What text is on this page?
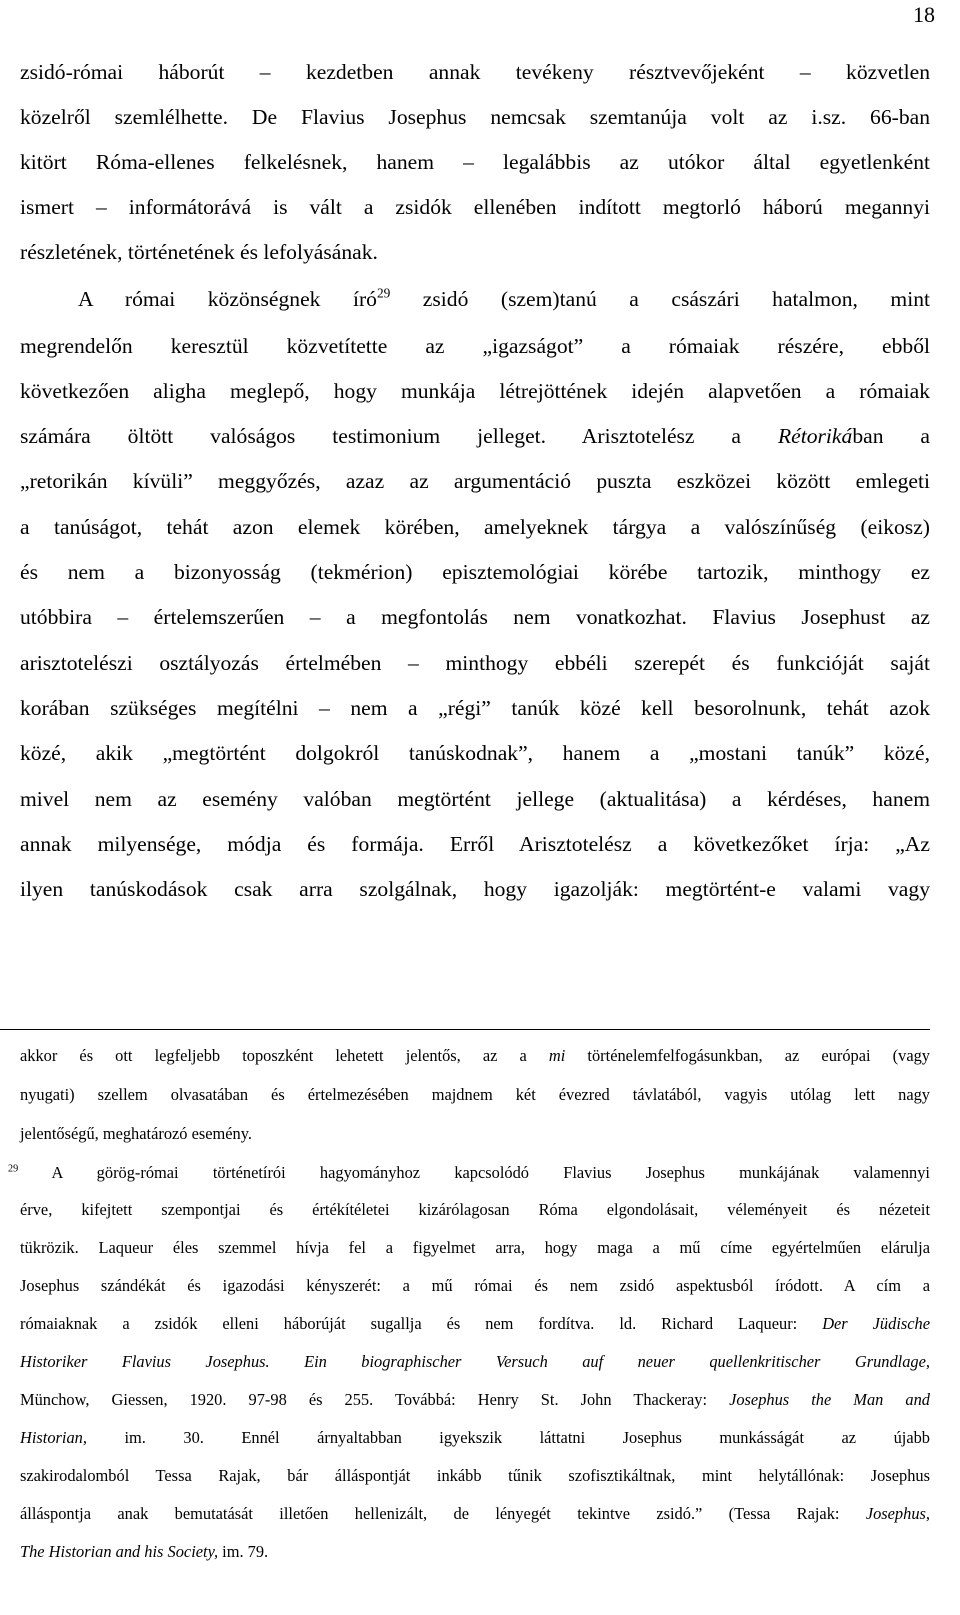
18
zsidó-római háborút – kezdetben annak tevékeny résztvevőjeként – közvetlen
közelről szemlélhette. De Flavius Josephus nemcsak szemtanúja volt az i.sz. 66-ban
kitört Róma-ellenes felkelésnek, hanem – legalábbis az utókor által egyetlenként
ismert – informátorává is vált a zsidók ellenében indított megtorló háború megannyi
részletének, történetének és lefolyásának.
A római közönségnek író$^{29}$ zsidó (szem)tanú a császári hatalmon, mint
megrendelőn keresztül közvetítette az „igazságot” a rómaiak részére, ebből
következően aligha meglepő, hogy munkája létrejöttének idején alapvetően a rómaiak
számára öltött valóságos testimonium jelleget. Arisztotelész a Rétorikában a
„retorikán kívüli” meggyőzés, azaz az argumentáció puszta eszközei között emlegeti
a tanúságot, tehát azon elemek körében, amelyeknek tárgya a valószínűség (eikosz)
és nem a bizonyosság (tekmérion) episztemológiai körébe tartozik, minthogy ez
utóbbira – értelemszerűen – a megfontolás nem vonatkozhat. Flavius Josephust az
arisztotelészi osztályozás értelmében – minthogy ebbéli szerepét és funkcióját saját
korában szükséges megítélni – nem a „régi” tanúk közé kell besorolnunk, tehát azok
közé, akik „megtörtént dolgokról tanúskodnak”, hanem a „mostani tanúk” közé,
mivel nem az esemény valóban megtörtént jellege (aktualitása) a kérdéses, hanem
annak milyensége, módja és formája. Erről Arisztotelész a következőket írja: „Az
ilyen tanúskodások csak arra szolgálnak, hogy igazolják: megtörtént-e valami vagy
akkor és ott legfeljebb toposzként lehetett jelentős, az a mi történelemfelfogásunkban, az európai (vagy
nyugati) szellem olvasatában és értelmezésében majdnem két évezred távlatából, vagyis utólag lett nagy
jelentőségű, meghatározó esemény.
$^{29}$ A görög-római történetírói hagyományhoz kapcsolódó Flavius Josephus munkájának valamennyi
érve, kifejtett szempontjai és értékítéletei kizárólagosan Róma elgondolásait, véleményeit és nézeteit
tükrözik. Laqueur éles szemmel hívja fel a figyelmet arra, hogy maga a mű címe egyértelműen elárulja
Josephus szándékát és igazodási kényszerét: a mű római és nem zsidó aspektusból íródott. A cím a
rómaiaknak a zsidók elleni háborúját sugallja és nem fordítva. ld. Richard Laqueur: Der Jüdische
Historiker Flavius Josephus. Ein biographischer Versuch auf neuer quellenkritischer Grundlage,
Münchow, Giessen, 1920. 97-98 és 255. Továbbá: Henry St. John Thackeray: Josephus the Man and
Historian, im. 30. Ennél árnyaltabban igyekszik láttatni Josephus munkásságát az újabb
szakirodalomból Tessa Rajak, bár álláspontját inkább tűnik szofisztikáltnak, mint helytállónak: Josephus
álláspontja anak bemutatását illetően hellenizált, de lényegét tekintve zsidó.” (Tessa Rajak: Josephus,
The Historian and his Society, im. 79.
